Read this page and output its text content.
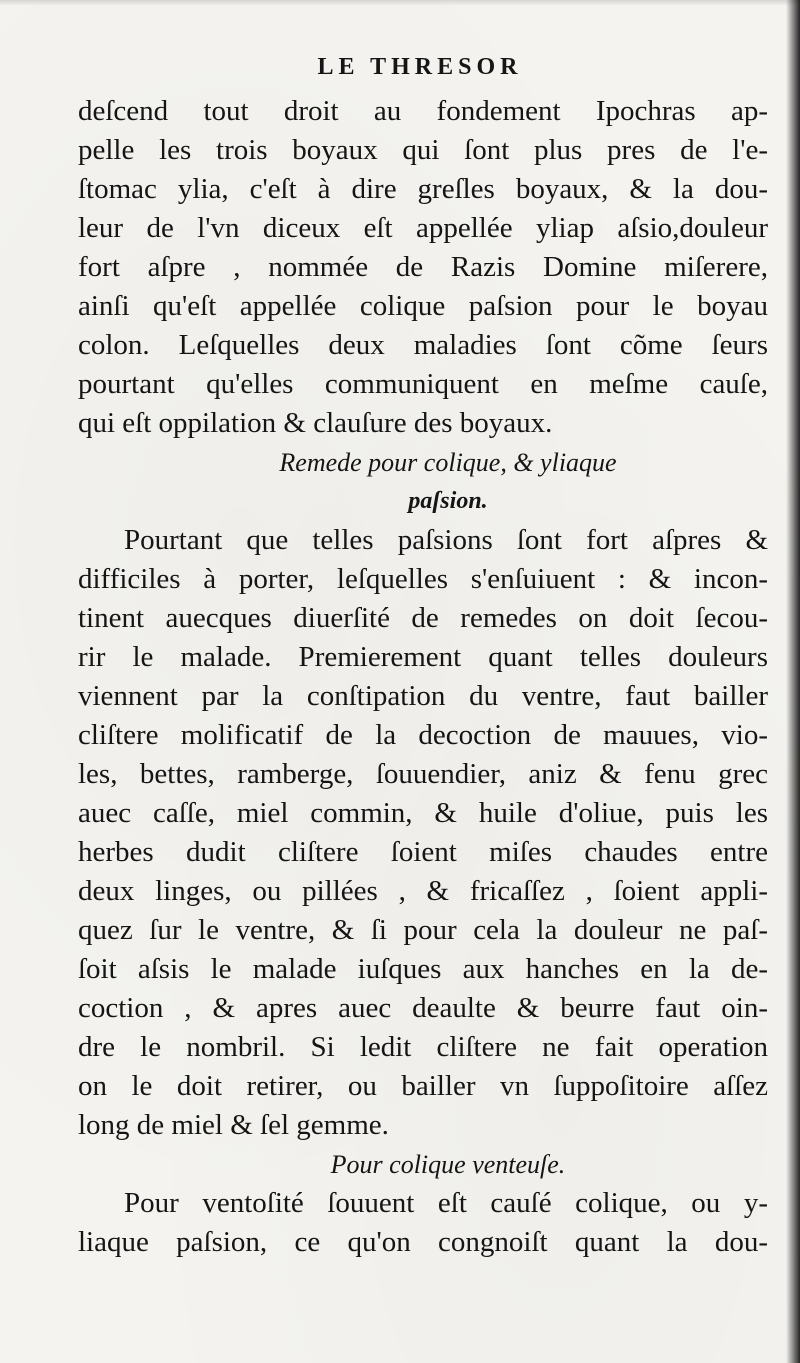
LE THRESOR
deſcend tout droit au fondement Ipochras ap-
pelle les trois boyaux qui ſont plus pres de l'e-
ſtomac ylia, c'eſt à dire greſles boyaux, & la dou-
leur de l'vn diceux eſt appellée yliap aſsio,douleur
fort aſpre , nommée de Razis Domine miſerere,
ainſi qu'eſt appellée colique paſsion pour le boyau
colon. Leſquelles deux maladies ſont cõme ſeurs
pourtant qu'elles communiquent en meſme cauſe,
qui eſt oppilation & clauſure des boyaux.
Remede pour colique, & yliaque
paſsion.
Pourtant que telles paſsions ſont fort aſpres &
difficiles à porter, leſquelles s'enſuiuent : & incon-
tinent auecques diuerſité de remedes on doit ſecou-
rir le malade. Premierement quant telles douleurs
viennent par la conſtipation du ventre, faut bailler
cliſtere molificatif de la decoction de mauues, vio-
les, bettes, ramberge, ſouuendier, aniz & fenu grec
auec caſſe, miel commin, & huile d'oliue, puis les
herbes dudit cliſtere ſoient miſes chaudes entre
deux linges, ou pillées , & fricaſſez , ſoient appli-
quez ſur le ventre, & ſi pour cela la douleur ne paſ-
ſoit aſsis le malade iuſques aux hanches en la de-
coction , & apres auec deaulte & beurre faut oin-
dre le nombril. Si ledit cliſtere ne fait operation
on le doit retirer, ou bailler vn ſuppoſitoire aſſez
long de miel & ſel gemme.
Pour colique venteuſe.
Pour ventoſité ſouuent eſt cauſé colique, ou y-
liaque paſsion, ce qu'on congnoiſt quant la dou-
